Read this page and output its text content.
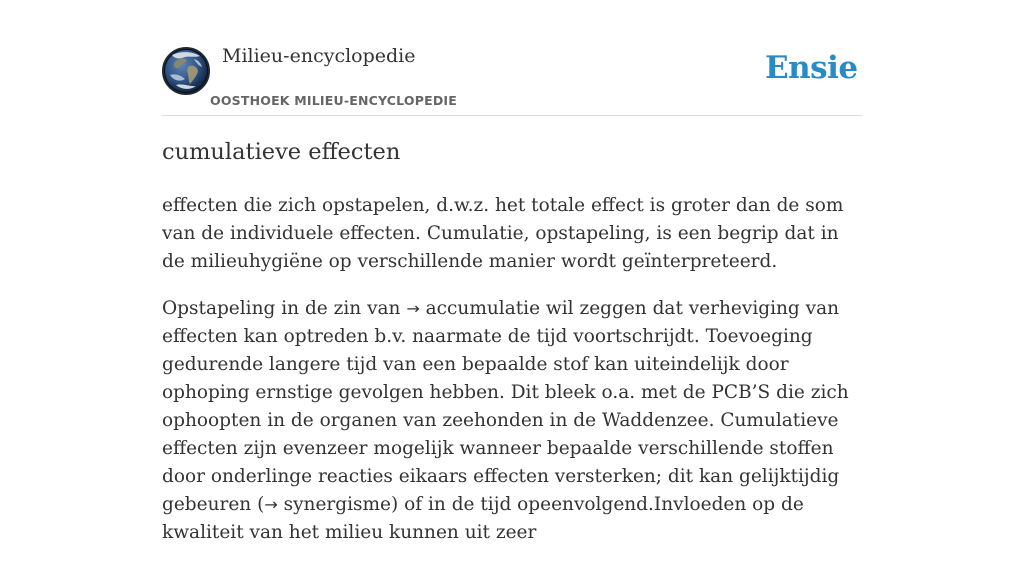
Milieu-encyclopedie
OOSTHOEK MILIEU-ENCYCLOPEDIE
Ensie
cumulatieve effecten

effecten die zich opstapelen, d.w.z. het totale effect is groter dan de som van de individuele effecten. Cumulatie, opstapeling, is een begrip dat in de milieuhygiëne op verschillende manier wordt geïnterpreteerd.

Opstapeling in de zin van → accumulatie wil zeggen dat verheviging van effecten kan optreden b.v. naarmate de tijd voortschrijdt. Toevoeging gedurende langere tijd van een bepaalde stof kan uiteindelijk door ophoping ernstige gevolgen hebben. Dit bleek o.a. met de PCB’S die zich ophoopten in de organen van zeehonden in de Waddenzee. Cumulatieve effecten zijn evenzeer mogelijk wanneer bepaalde verschillende stoffen door onderlinge reacties eikaars effecten versterken; dit kan gelijktijdig gebeuren (→ synergisme) of in de tijd opeenvolgend.Invloeden op de kwaliteit van het milieu kunnen uit zeer
